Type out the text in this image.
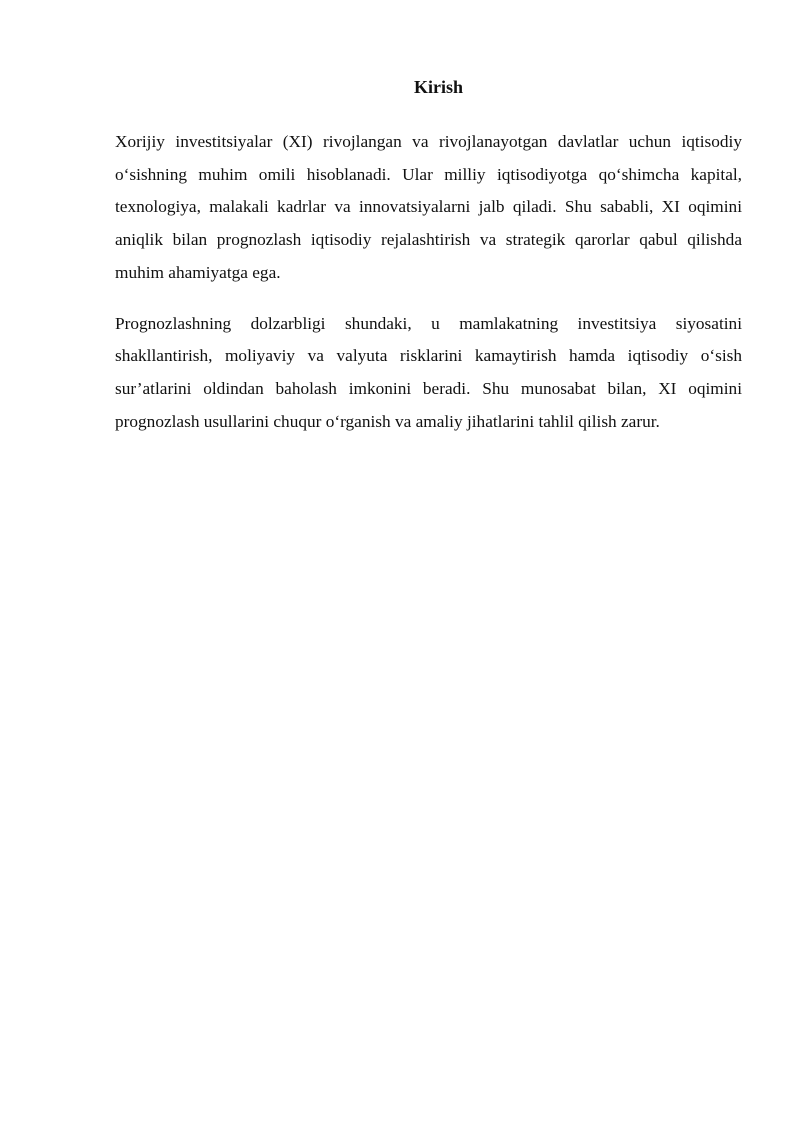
Kirish

Xorijiy investitsiyalar (XI) rivojlangan va rivojlanayotgan davlatlar uchun iqtisodiy o‘sishning muhim omili hisoblanadi. Ular milliy iqtisodiyotga qo‘shimcha kapital, texnologiya, malakali kadrlar va innovatsiyalarni jalb qiladi. Shu sababli, XI oqimini aniqlik bilan prognozlash iqtisodiy rejalashtirish va strategik qarorlar qabul qilishda muhim ahamiyatga ega.

Prognozlashning dolzarbligi shundaki, u mamlakatning investitsiya siyosatini shakllantirish, moliyaviy va valyuta risklarini kamaytirish hamda iqtisodiy o‘sish sur’atlarini oldindan baholash imkonini beradi. Shu munosabat bilan, XI oqimini prognozlash usullarini chuqur o‘rganish va amaliy jihatlarini tahlil qilish zarur.
